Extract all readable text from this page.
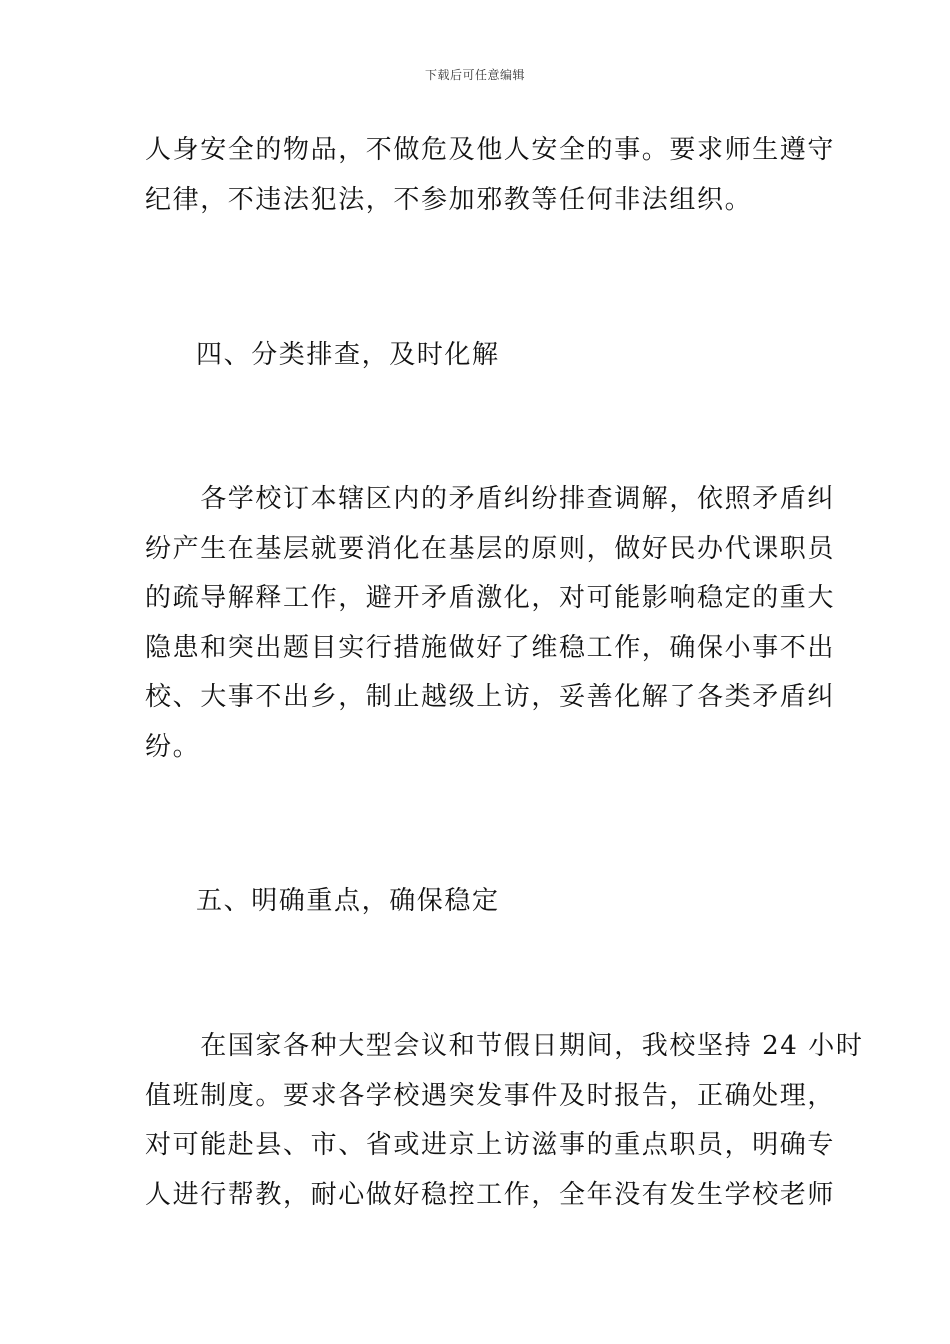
下载后可任意编辑

人身安全的物品，不做危及他人安全的事。要求师生遵守
纪律，不违法犯法，不参加邪教等任何非法组织。

四、分类排查，及时化解

　　各学校订本辖区内的矛盾纠纷排查调解，依照矛盾纠
纷产生在基层就要消化在基层的原则，做好民办代课职员
的疏导解释工作，避开矛盾激化，对可能影响稳定的重大
隐患和突出题目实行措施做好了维稳工作，确保小事不出
校、大事不出乡，制止越级上访，妥善化解了各类矛盾纠
纷。

五、明确重点，确保稳定

　　在国家各种大型会议和节假日期间，我校坚持 24 小时
值班制度。要求各学校遇突发事件及时报告，正确处理，
对可能赴县、市、省或进京上访滋事的重点职员，明确专
人进行帮教，耐心做好稳控工作，全年没有发生学校老师
